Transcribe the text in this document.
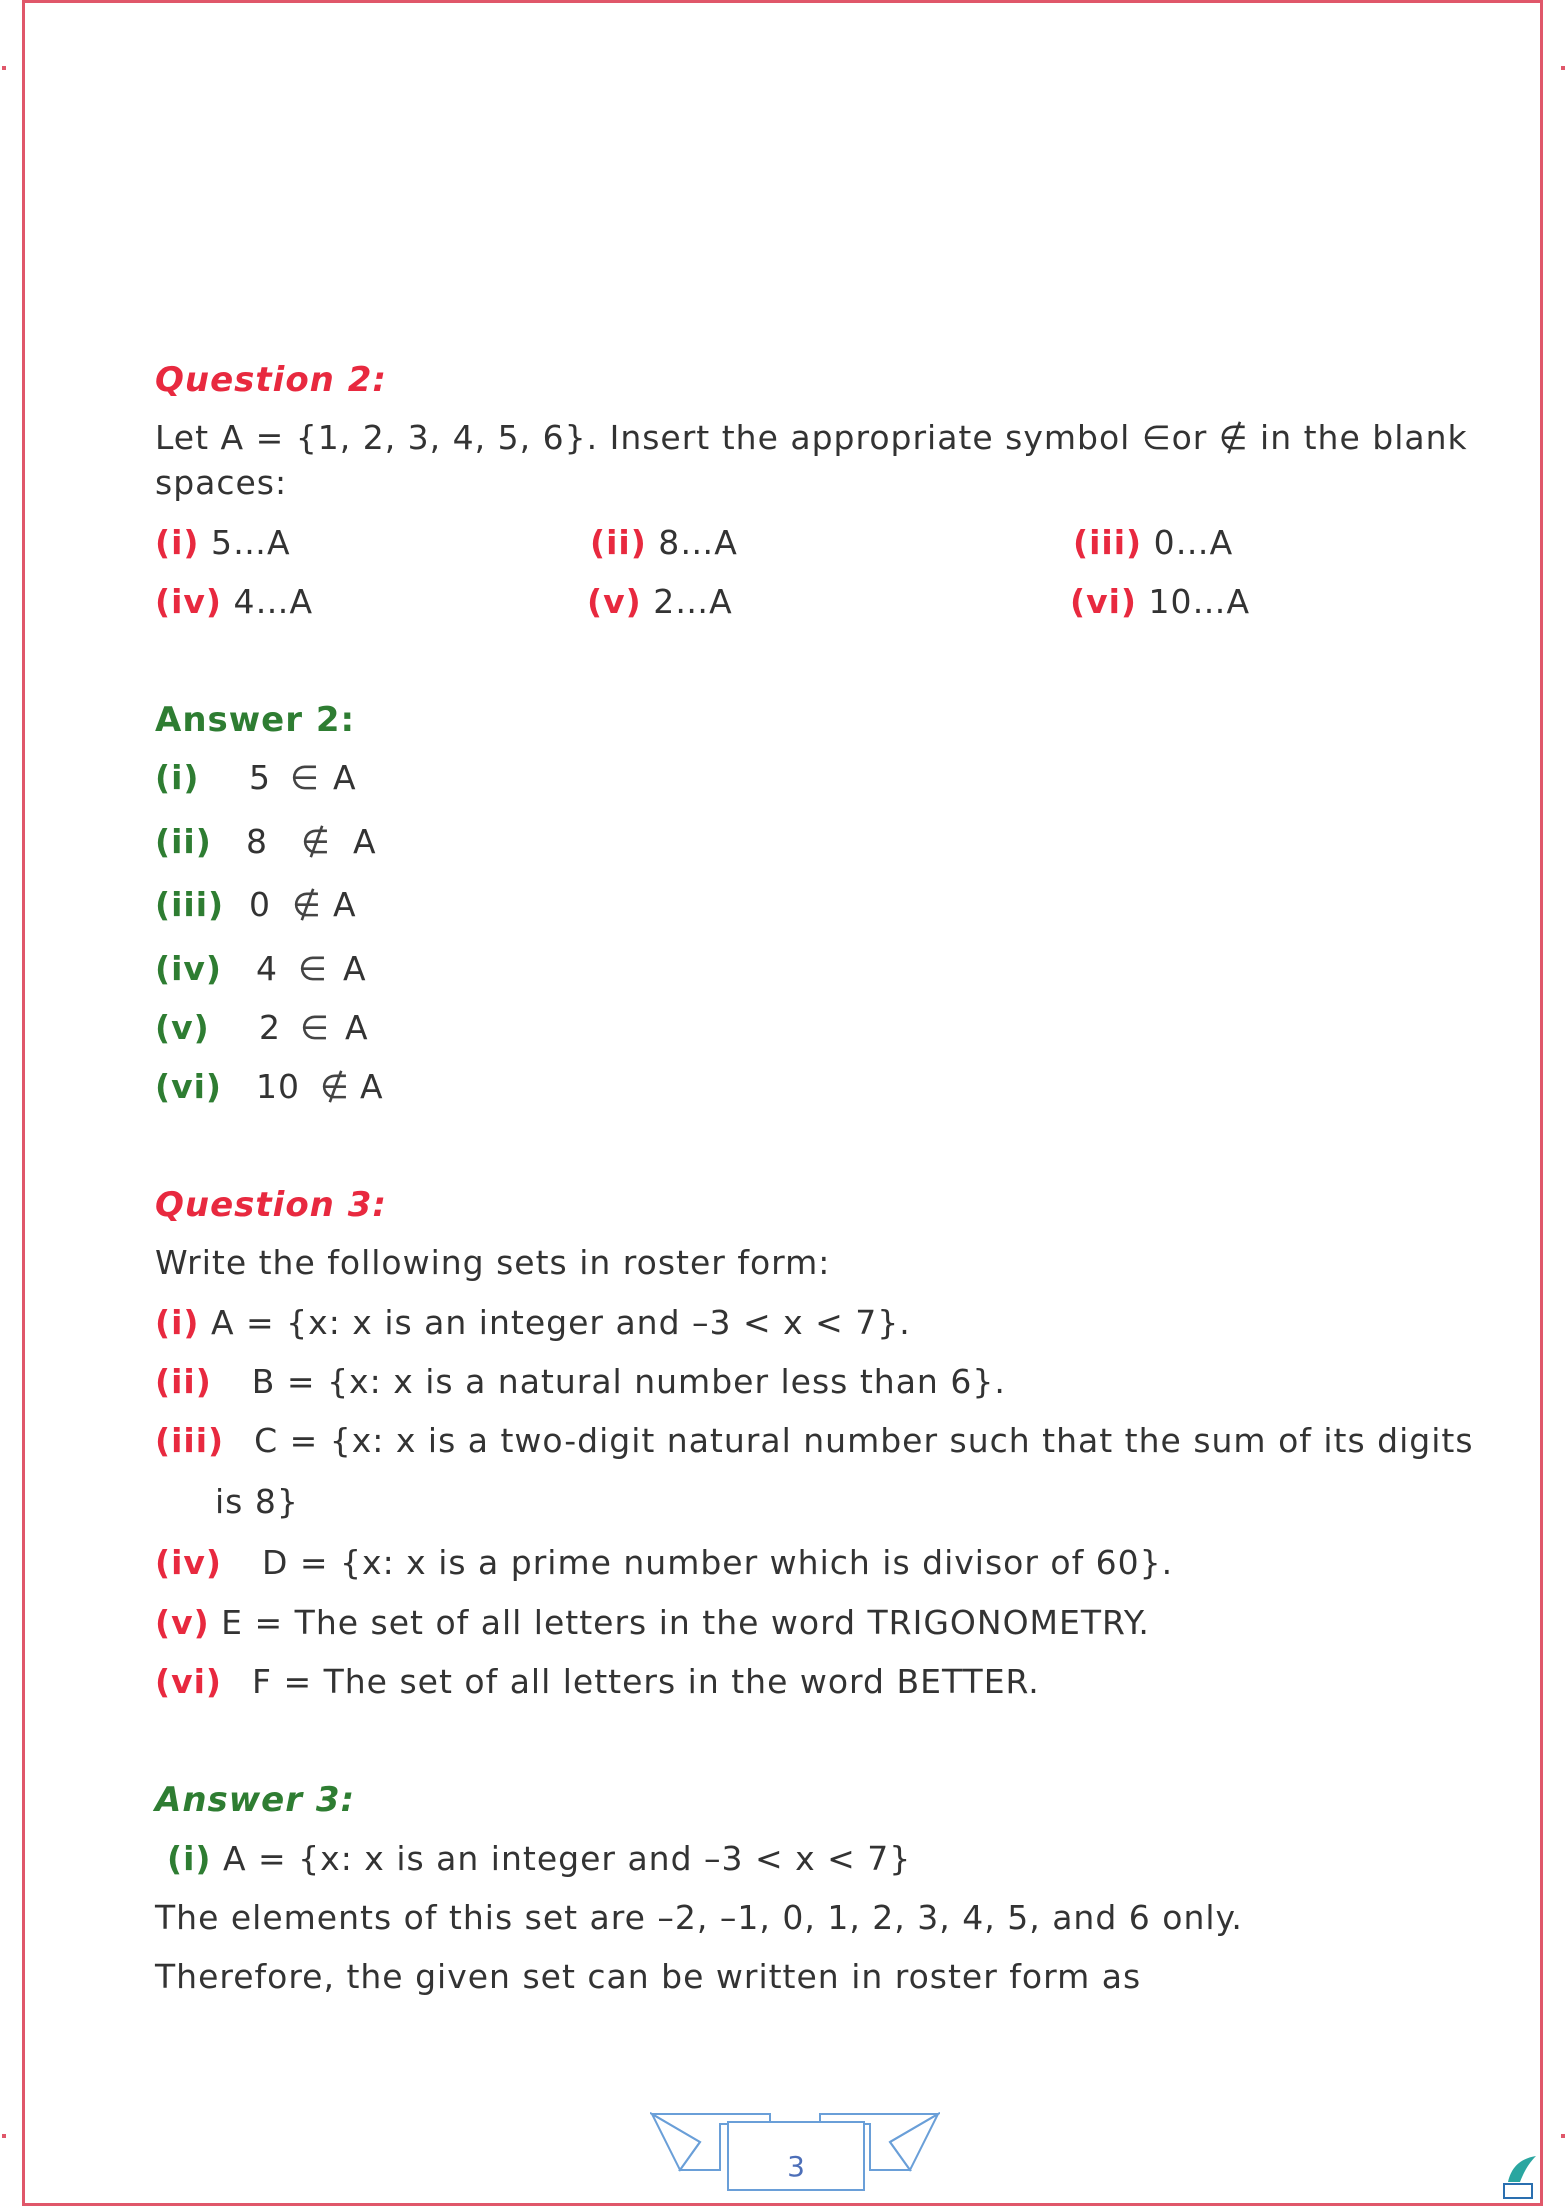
Question 2:
Let A = {1, 2, 3, 4, 5, 6}. Insert the appropriate symbol ∈or ∉ in the blank
spaces:
(i) 5…A	(ii) 8…A	(iii) 0…A
(iv) 4…A	(v) 2…A	(vi) 10…A
Answer 2:
(i) 5 ∈ A
(ii) 8 ∉ A
(iii) 0 ∉ A
(iv) 4 ∈ A
(v) 2 ∈ A
(vi) 10 ∉ A
Question 3:
Write the following sets in roster form:
(i) A = {x: x is an integer and –3 < x < 7}.
(ii) B = {x: x is a natural number less than 6}.
(iii) C = {x: x is a two-digit natural number such that the sum of its digits
is 8}
(iv) D = {x: x is a prime number which is divisor of 60}.
(v) E = The set of all letters in the word TRIGONOMETRY.
(vi) F = The set of all letters in the word BETTER.
Answer 3:
(i) A = {x: x is an integer and –3 < x < 7}
The elements of this set are –2, –1, 0, 1, 2, 3, 4, 5, and 6 only.
Therefore, the given set can be written in roster form as
3
